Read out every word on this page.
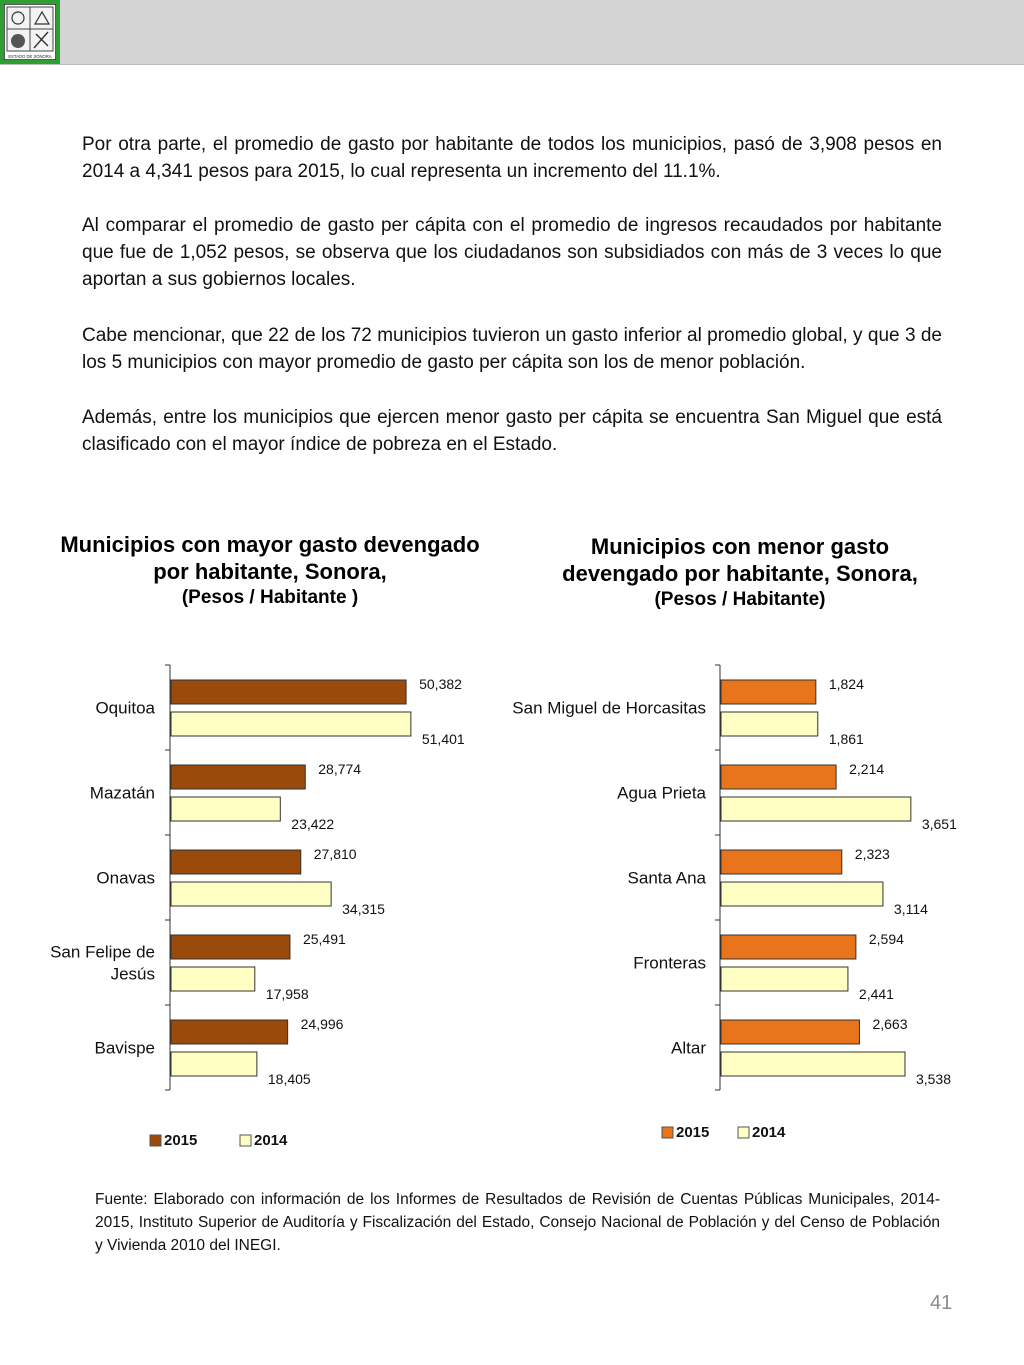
ESTADO DE SONORA

Por otra parte, el promedio de gasto por habitante de todos los municipios, pasó de 3,908 pesos en 2014 a 4,341 pesos para 2015, lo cual representa un incremento del 11.1%.

Al comparar el promedio de gasto per cápita con el promedio de ingresos recaudados por habitante que fue de 1,052 pesos, se observa que los ciudadanos son subsidiados con más de 3 veces lo que aportan a sus gobiernos locales.

Cabe mencionar, que 22 de los 72 municipios tuvieron un gasto inferior al promedio global, y que 3 de los 5 municipios con mayor promedio de gasto per cápita son los de menor población.

Además, entre los municipios que ejercen menor gasto per cápita se encuentra San Miguel que está clasificado con el mayor índice de pobreza en el Estado.

Municipios con mayor gasto devengado por habitante, Sonora,
(Pesos / Habitante )
Municipios con menor gasto devengado por habitante, Sonora,
(Pesos / Habitante)
Oquitoa
50,382
51,401
Mazatán
28,774
23,422
Onavas
27,810
34,315
San Felipe de Jesús
25,491
17,958
Bavispe
24,996
18,405
2015	2014
San Miguel de Horcasitas
1,824
1,861
Agua Prieta
2,214
3,651
Santa Ana
2,323
3,114
Fronteras
2,594
2,441
Altar
2,663
3,538
2015	2014

Fuente: Elaborado con información de los Informes de Resultados de Revisión de Cuentas Públicas Municipales, 2014-2015, Instituto Superior de Auditoría y Fiscalización del Estado, Consejo Nacional de Población y del Censo de Población y Vivienda 2010 del INEGI.

41
